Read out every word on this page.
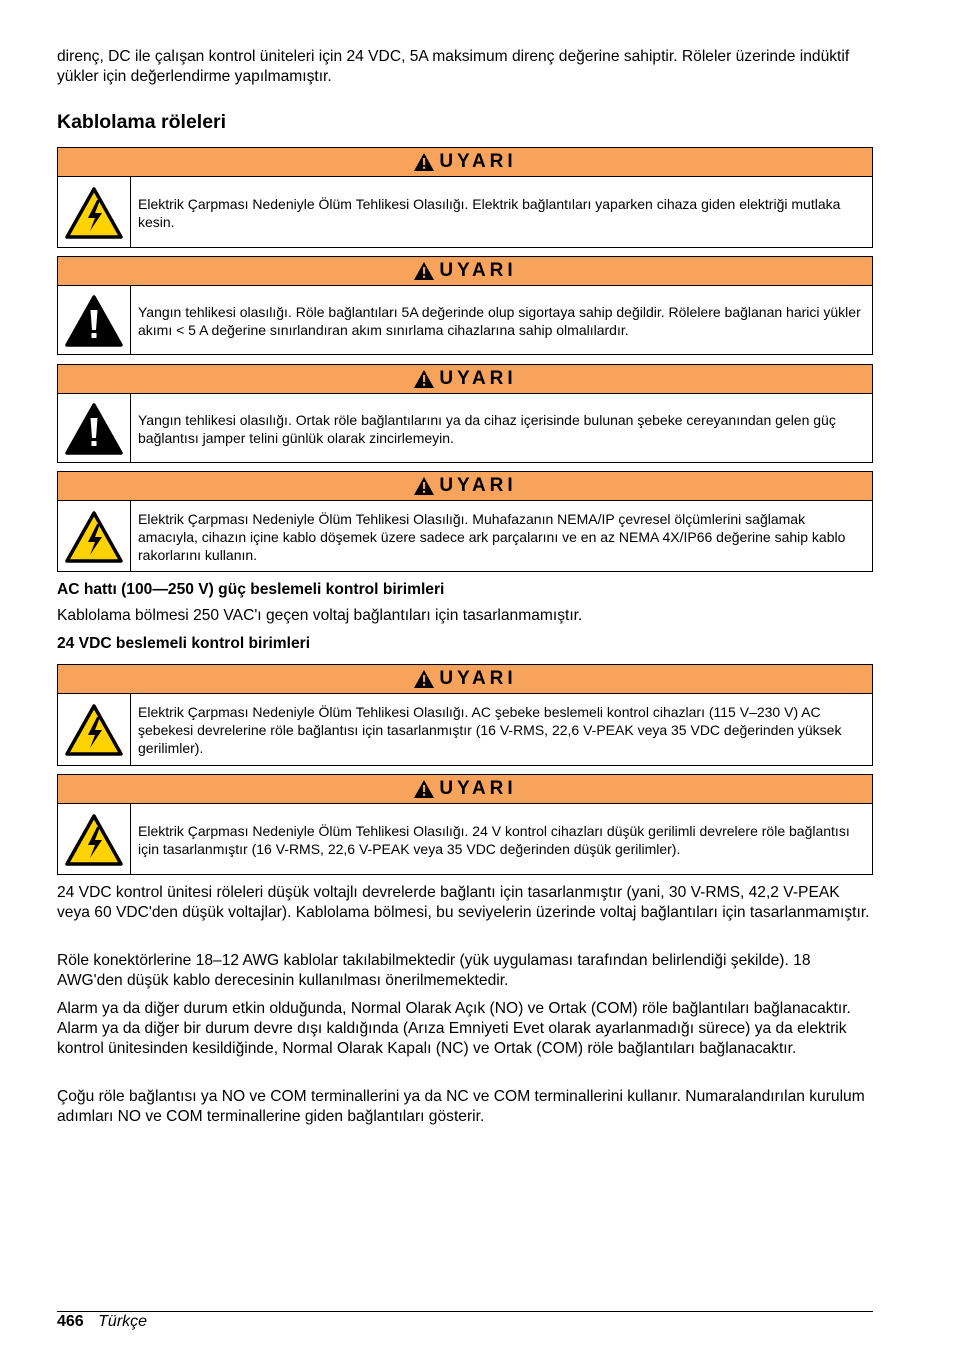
direnç, DC ile çalışan kontrol üniteleri için 24 VDC, 5A maksimum direnç değerine sahiptir. Röleler üzerinde indüktif yükler için değerlendirme yapılmamıştır.

Kablolama röleleri
UYARI
Elektrik Çarpması Nedeniyle Ölüm Tehlikesi Olasılığı. Elektrik bağlantıları yaparken cihaza giden elektriği mutlaka kesin.
UYARI
Yangın tehlikesi olasılığı. Röle bağlantıları 5A değerinde olup sigortaya sahip değildir. Rölelere bağlanan harici yükler akımı < 5 A değerine sınırlandıran akım sınırlama cihazlarına sahip olmalılardır.
UYARI
Yangın tehlikesi olasılığı. Ortak röle bağlantılarını ya da cihaz içerisinde bulunan şebeke cereyanından gelen güç bağlantısı jamper telini günlük olarak zincirlemeyin.
UYARI
Elektrik Çarpması Nedeniyle Ölüm Tehlikesi Olasılığı. Muhafazanın NEMA/IP çevresel ölçümlerini sağlamak amacıyla, cihazın içine kablo döşemek üzere sadece ark parçalarını ve en az NEMA 4X/IP66 değerine sahip kablo rakorlarını kullanın.
AC hattı (100—250 V) güç beslemeli kontrol birimleri

Kablolama bölmesi 250 VAC'ı geçen voltaj bağlantıları için tasarlanmamıştır.

24 VDC beslemeli kontrol birimleri
UYARI
Elektrik Çarpması Nedeniyle Ölüm Tehlikesi Olasılığı. AC şebeke beslemeli kontrol cihazları (115 V–230 V) AC şebekesi devrelerine röle bağlantısı için tasarlanmıştır (16 V-RMS, 22,6 V-PEAK veya 35 VDC değerinden yüksek gerilimler).
UYARI
Elektrik Çarpması Nedeniyle Ölüm Tehlikesi Olasılığı. 24 V kontrol cihazları düşük gerilimli devrelere röle bağlantısı için tasarlanmıştır (16 V-RMS, 22,6 V-PEAK veya 35 VDC değerinden düşük gerilimler).

24 VDC kontrol ünitesi röleleri düşük voltajlı devrelerde bağlantı için tasarlanmıştır (yani, 30 V-RMS, 42,2 V-PEAK veya 60 VDC'den düşük voltajlar). Kablolama bölmesi, bu seviyelerin üzerinde voltaj bağlantıları için tasarlanmamıştır.

Röle konektörlerine 18–12 AWG kablolar takılabilmektedir (yük uygulaması tarafından belirlendiği şekilde). 18 AWG'den düşük kablo derecesinin kullanılması önerilmemektedir.

Alarm ya da diğer durum etkin olduğunda, Normal Olarak Açık (NO) ve Ortak (COM) röle bağlantıları bağlanacaktır. Alarm ya da diğer bir durum devre dışı kaldığında (Arıza Emniyeti Evet olarak ayarlanmadığı sürece) ya da elektrik kontrol ünitesinden kesildiğinde, Normal Olarak Kapalı (NC) ve Ortak (COM) röle bağlantıları bağlanacaktır.

Çoğu röle bağlantısı ya NO ve COM terminallerini ya da NC ve COM terminallerini kullanır. Numaralandırılan kurulum adımları NO ve COM terminallerine giden bağlantıları gösterir.

466 Türkçe
